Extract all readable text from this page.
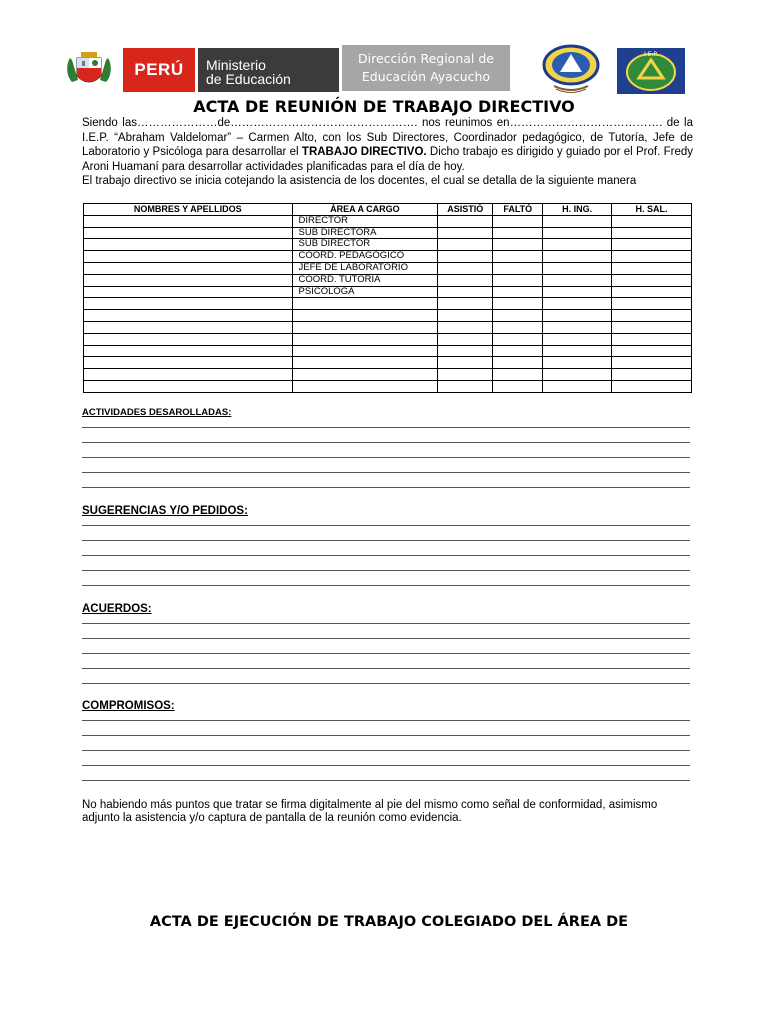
PERÚ	Ministerio
de Educación
Dirección Regional de
Educación Ayacucho
I.E.P.
ACTA DE REUNIÓN DE TRABAJO DIRECTIVO
Siendo las…………………de…………………………………………. nos reunimos en…………………………………. de la I.E.P. “Abraham Valdelomar” – Carmen Alto, con los Sub Directores, Coordinador pedagógico, de Tutoría, Jefe de Laboratorio y Psicóloga para desarrollar el TRABAJO DIRECTIVO. Dicho trabajo es dirigido y guiado por el Prof. Fredy Aroni Huamaní para desarrollar actividades planificadas para el día de hoy.
El trabajo directivo se inicia cotejando la asistencia de los docentes, el cual se detalla de la siguiente manera
NOMBRES Y APELLIDOS	ÁREA A CARGO	ASISTIÓ	FALTÓ	H. ING.	H. SAL.
	DIRECTOR				
	SUB DIRECTORA				
	SUB DIRECTOR				
	COORD. PEDAGÓGICO				
	JEFE DE LABORATORIO				
	COORD. TUTORIA				
	PSICOLOGA				

ACTIVIDADES DESAROLLADAS:
SUGERENCIAS Y/O PEDIDOS:
ACUERDOS:
COMPROMISOS:
No habiendo más puntos que tratar se firma digitalmente al pie del mismo como señal de conformidad, asimismo adjunto la asistencia y/o captura de pantalla de la reunión como evidencia.
ACTA DE EJECUCIÓN DE TRABAJO COLEGIADO DEL ÁREA DE
